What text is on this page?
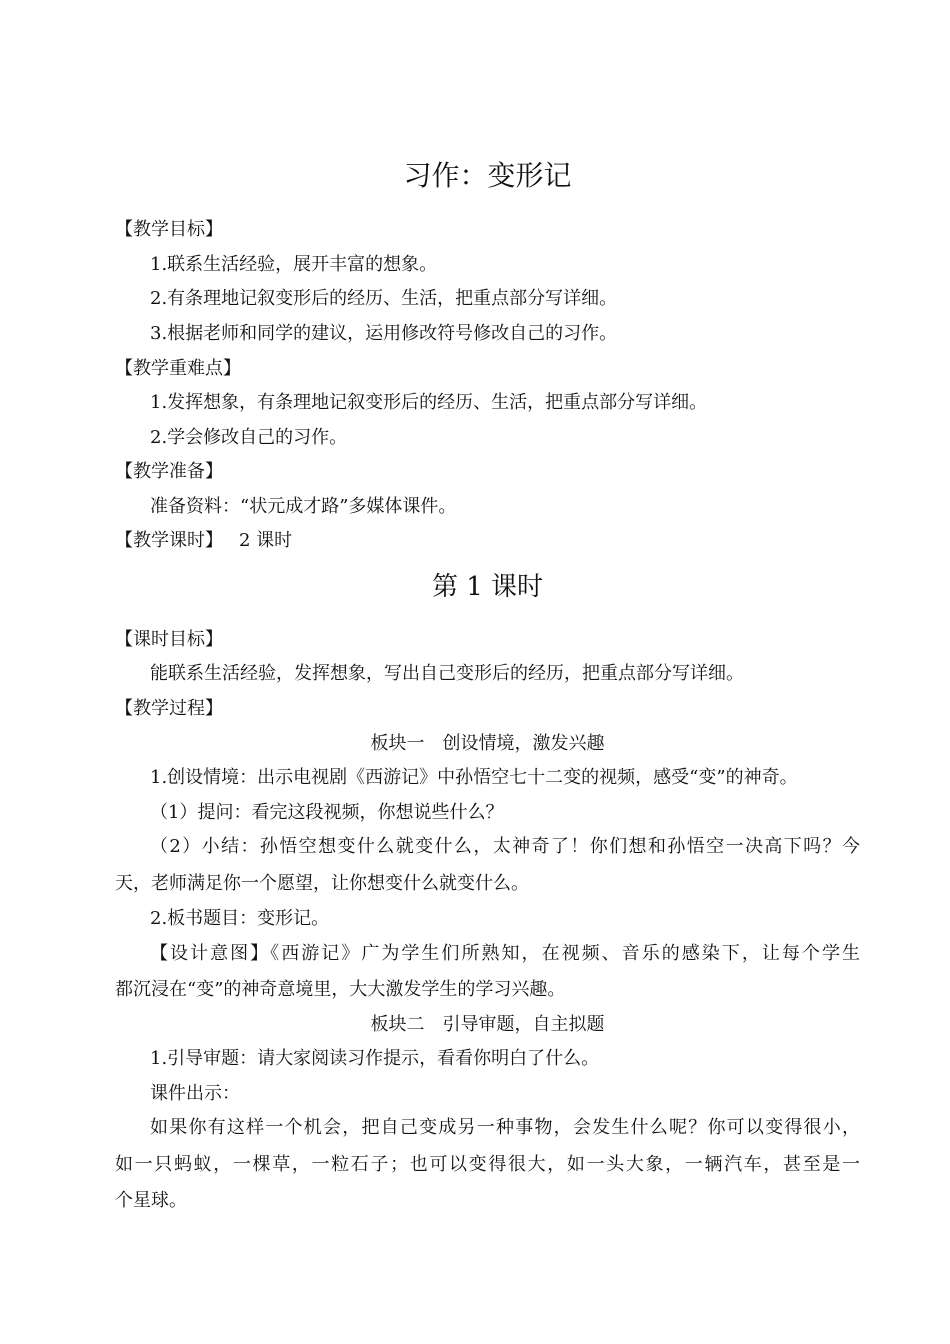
习作：变形记
【教学目标】
1.联系生活经验，展开丰富的想象。
2.有条理地记叙变形后的经历、生活，把重点部分写详细。
3.根据老师和同学的建议，运用修改符号修改自己的习作。
【教学重难点】
1.发挥想象，有条理地记叙变形后的经历、生活，把重点部分写详细。
2.学会修改自己的习作。
【教学准备】
准备资料：“状元成才路”多媒体课件。
【教学课时】 2 课时
第 1 课时
【课时目标】
能联系生活经验，发挥想象，写出自己变形后的经历，把重点部分写详细。
【教学过程】
板块一　创设情境，激发兴趣
1.创设情境：出示电视剧《西游记》中孙悟空七十二变的视频，感受“变”的神奇。
（1）提问：看完这段视频，你想说些什么？
（2）小结：孙悟空想变什么就变什么，太神奇了！你们想和孙悟空一决高下吗？今
天，老师满足你一个愿望，让你想变什么就变什么。
2.板书题目：变形记。
【设计意图】《西游记》广为学生们所熟知，在视频、音乐的感染下，让每个学生
都沉浸在“变”的神奇意境里，大大激发学生的学习兴趣。
板块二　引导审题，自主拟题
1.引导审题：请大家阅读习作提示，看看你明白了什么。
课件出示：
如果你有这样一个机会，把自己变成另一种事物，会发生什么呢？你可以变得很小，
如一只蚂蚁，一棵草，一粒石子；也可以变得很大，如一头大象，一辆汽车，甚至是一
个星球。
